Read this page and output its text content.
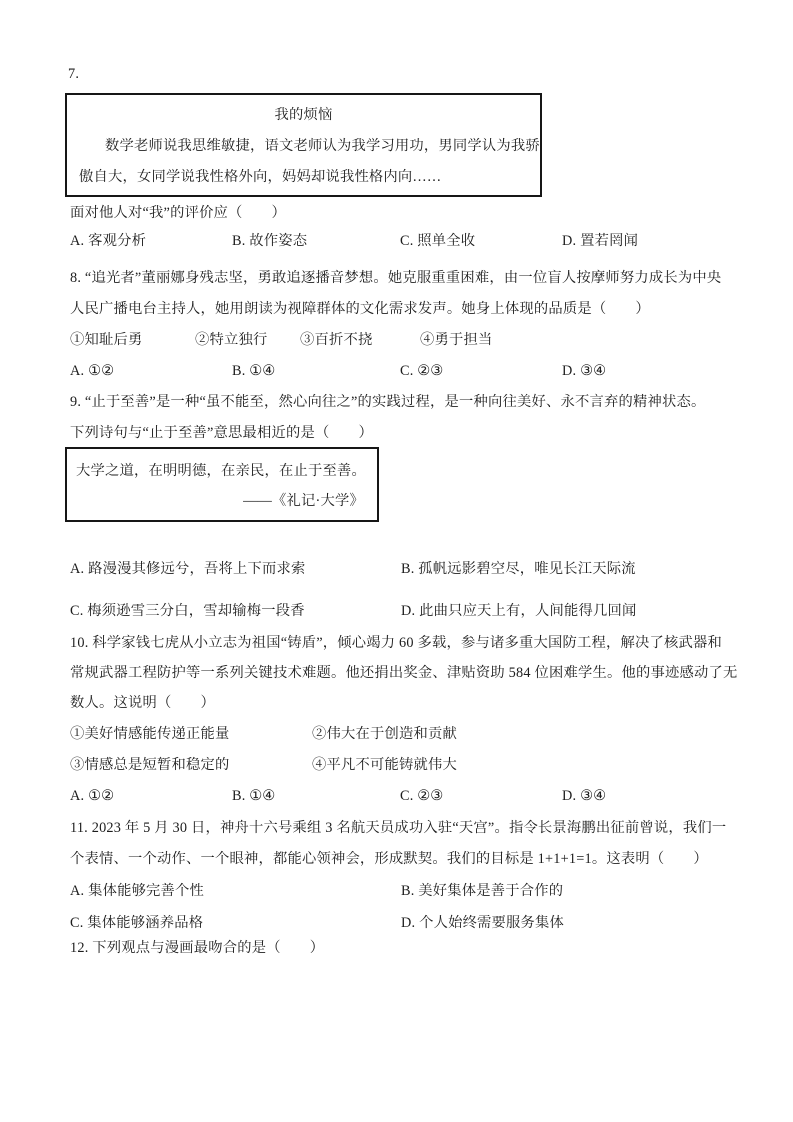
7.
我的烦恼
数学老师说我思维敏捷，语文老师认为我学习用功，男同学认为我骄
傲自大，女同学说我性格外向，妈妈却说我性格内向……
面对他人对“我”的评价应（　　）
A. 客观分析	B. 故作姿态	C. 照单全收	D. 置若罔闻
8. “追光者”董丽娜身残志坚，勇敢追逐播音梦想。她克服重重困难，由一位盲人按摩师努力成长为中央
人民广播电台主持人，她用朗读为视障群体的文化需求发声。她身上体现的品质是（　　）
①知耻后勇	②特立独行 ③百折不挠	④勇于担当
A. ①②	B. ①④	C. ②③	D. ③④
9. “止于至善”是一种“虽不能至，然心向往之”的实践过程，是一种向往美好、永不言弃的精神状态。
下列诗句与“止于至善”意思最相近的是（　　）
大学之道，在明明德，在亲民，在止于至善。
——《礼记·大学》
A. 路漫漫其修远兮，吾将上下而求索	B. 孤帆远影碧空尽，唯见长江天际流
C. 梅须逊雪三分白，雪却输梅一段香	D. 此曲只应天上有，人间能得几回闻
10. 科学家钱七虎从小立志为祖国“铸盾”，倾心竭力 60 多载，参与诸多重大国防工程，解决了核武器和
常规武器工程防护等一系列关键技术难题。他还捐出奖金、津贴资助 584 位困难学生。他的事迹感动了无
数人。这说明（　　）
①美好情感能传递正能量	②伟大在于创造和贡献
③情感总是短暂和稳定的	④平凡不可能铸就伟大
A. ①②	B. ①④	C. ②③	D. ③④
11. 2023 年 5 月 30 日，神舟十六号乘组 3 名航天员成功入驻“天宫”。指令长景海鹏出征前曾说，我们一
个表情、一个动作、一个眼神，都能心领神会，形成默契。我们的目标是 1+1+1=1。这表明（　　）
A. 集体能够完善个性	B. 美好集体是善于合作的
C. 集体能够涵养品格	D. 个人始终需要服务集体
12. 下列观点与漫画最吻合的是（　　）
